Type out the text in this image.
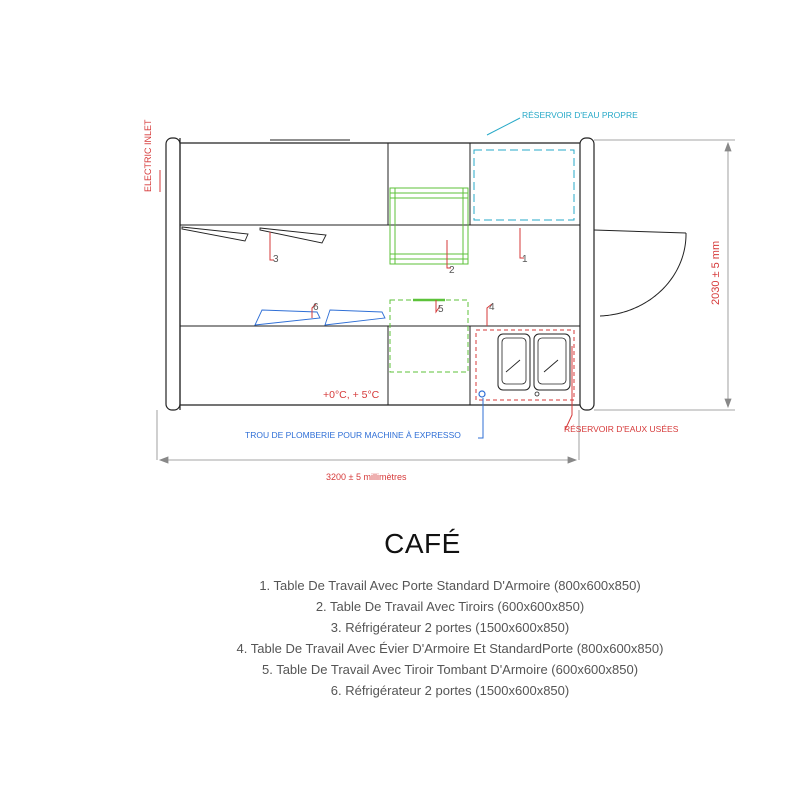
1
2
3
4
5
6
ELECTRIC INLET
RÉSERVOIR D'EAU PROPRE
+0°C, + 5°C
TROU DE PLOMBERIE POUR MACHINE À EXPRESSO
RÉSERVOIR D'EAUX USÉES
3200 ± 5 millimètres
2030 ± 5 mm
CAFÉ
1. Table De Travail Avec Porte Standard D'Armoire (800x600x850)
2. Table De Travail Avec Tiroirs (600x600x850)
3. Réfrigérateur 2 portes (1500x600x850)
4. Table De Travail Avec Évier D'Armoire Et StandardPorte (800x600x850)
5. Table De Travail Avec Tiroir Tombant D'Armoire (600x600x850)
6. Réfrigérateur 2 portes (1500x600x850)
